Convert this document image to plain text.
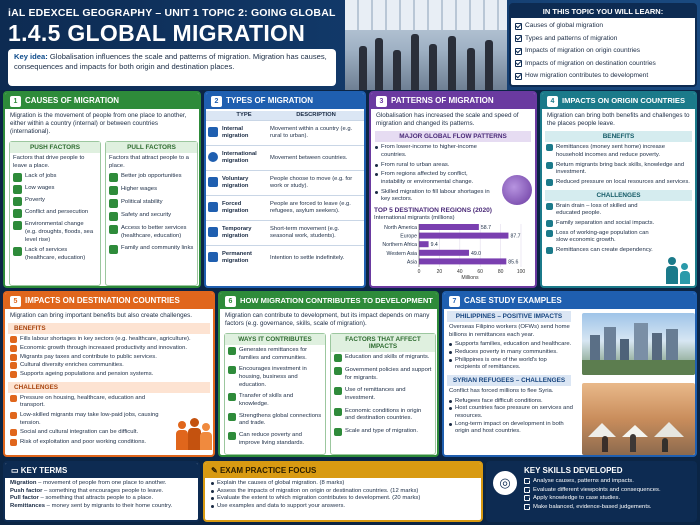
iAL EDEXCEL GEOGRAPHY – UNIT 1 TOPIC 2: GOING GLOBAL
1.4.5 GLOBAL MIGRATION
Key idea: Globalisation influences the scale and patterns of migration. Migration has causes, consequences and impacts for both origin and destination places.
IN THIS TOPIC YOU WILL LEARN:
Causes of global migration
Types and patterns of migration
Impacts of migration on origin countries
Impacts of migration on destination countries
How migration contributes to development
1 CAUSES OF MIGRATION
Migration is the movement of people from one place to another, either within a country (internal) or between countries (international).
PUSH FACTORS
Factors that drive people to leave a place.
Lack of jobs
Low wages
Poverty
Conflict and persecution
Environmental change (e.g. droughts, floods, sea level rise)
Lack of services (healthcare, education)
PULL FACTORS
Factors that attract people to a place.
Better job opportunities
Higher wages
Political stability
Safety and security
Access to better services (healthcare, education)
Family and community links
2 TYPES OF MIGRATION
	TYPE	DESCRIPTION
	Internal migration	Movement within a country (e.g. rural to urban).
	International migration	Movement between countries.
	Voluntary migration	People choose to move (e.g. for work or study).
	Forced migration	People are forced to leave (e.g. refugees, asylum seekers).
	Temporary migration	Short-term movement (e.g. seasonal work, students).
	Permanent migration	Intention to settle indefinitely.
3 PATTERNS OF MIGRATION
Globalisation has increased the scale and speed of migration and changed its patterns.
MAJOR GLOBAL FLOW PATTERNS
From lower-income to higher-income countries.
From rural to urban areas.
From regions affected by conflict, instability or environmental change.
Skilled migration to fill labour shortages in key sectors.
TOP 5 DESTINATION REGIONS (2020)
International migrants (millions)
0	20	40	60	80	100
North America	58.7
Europe	87.7
Northern Africa	9.4
Western Asia	49.0
Asia	85.6
Millions
4 IMPACTS ON ORIGIN COUNTRIES
Migration can bring both benefits and challenges to the places people leave.
BENEFITS
Remittances (money sent home) increase household incomes and reduce poverty.
Return migrants bring back skills, knowledge and investment.
Reduced pressure on local resources and services.
CHALLENGES
Brain drain – loss of skilled and educated people.
Family separation and social impacts.
Loss of working-age population can slow economic growth.
Remittances can create dependency.
5 IMPACTS ON DESTINATION COUNTRIES
Migration can bring important benefits but also create challenges.
BENEFITS
Fills labour shortages in key sectors (e.g. healthcare, agriculture).
Economic growth through increased productivity and innovation.
Migrants pay taxes and contribute to public services.
Cultural diversity enriches communities.
Supports ageing populations and pension systems.
CHALLENGES
Pressure on housing, healthcare, education and transport.
Low-skilled migrants may take low-paid jobs, causing tension.
Social and cultural integration can be difficult.
Risk of exploitation and poor working conditions.
6 HOW MIGRATION CONTRIBUTES TO DEVELOPMENT
Migration can contribute to development, but its impact depends on many factors (e.g. governance, skills, scale of migration).
WAYS IT CONTRIBUTES
Generates remittances for families and communities.
Encourages investment in housing, business and education.
Transfer of skills and knowledge.
Strengthens global connections and trade.
Can reduce poverty and improve living standards.
FACTORS THAT AFFECT IMPACTS
Education and skills of migrants.
Government policies and support for migrants.
Use of remittances and investment.
Economic conditions in origin and destination countries.
Scale and type of migration.
7 CASE STUDY EXAMPLES
PHILIPPINES – POSITIVE IMPACTS
Overseas Filipino workers (OFWs) send home billions in remittances each year.
Supports families, education and healthcare.
Reduces poverty in many communities.
Philippines is one of the world's top recipients of remittances.
SYRIAN REFUGEES – CHALLENGES
Conflict has forced millions to flee Syria.
Refugees face difficult conditions.
Host countries face pressure on services and resources.
Long-term impact on development in both origin and host countries.
▭ KEY TERMS
Migration – movement of people from one place to another.
Push factor – something that encourages people to leave.
Pull factor – something that attracts people to a place.
Remittances – money sent by migrants to their home country.
✎ EXAM PRACTICE FOCUS
Explain the causes of global migration. (8 marks)
Assess the impacts of migration on origin or destination countries. (12 marks)
Evaluate the extent to which migration contributes to development. (20 marks)
Use examples and data to support your answers.
◎
KEY SKILLS DEVELOPED
Analyse causes, patterns and impacts.
Evaluate different viewpoints and consequences.
Apply knowledge to case studies.
Make balanced, evidence-based judgements.
